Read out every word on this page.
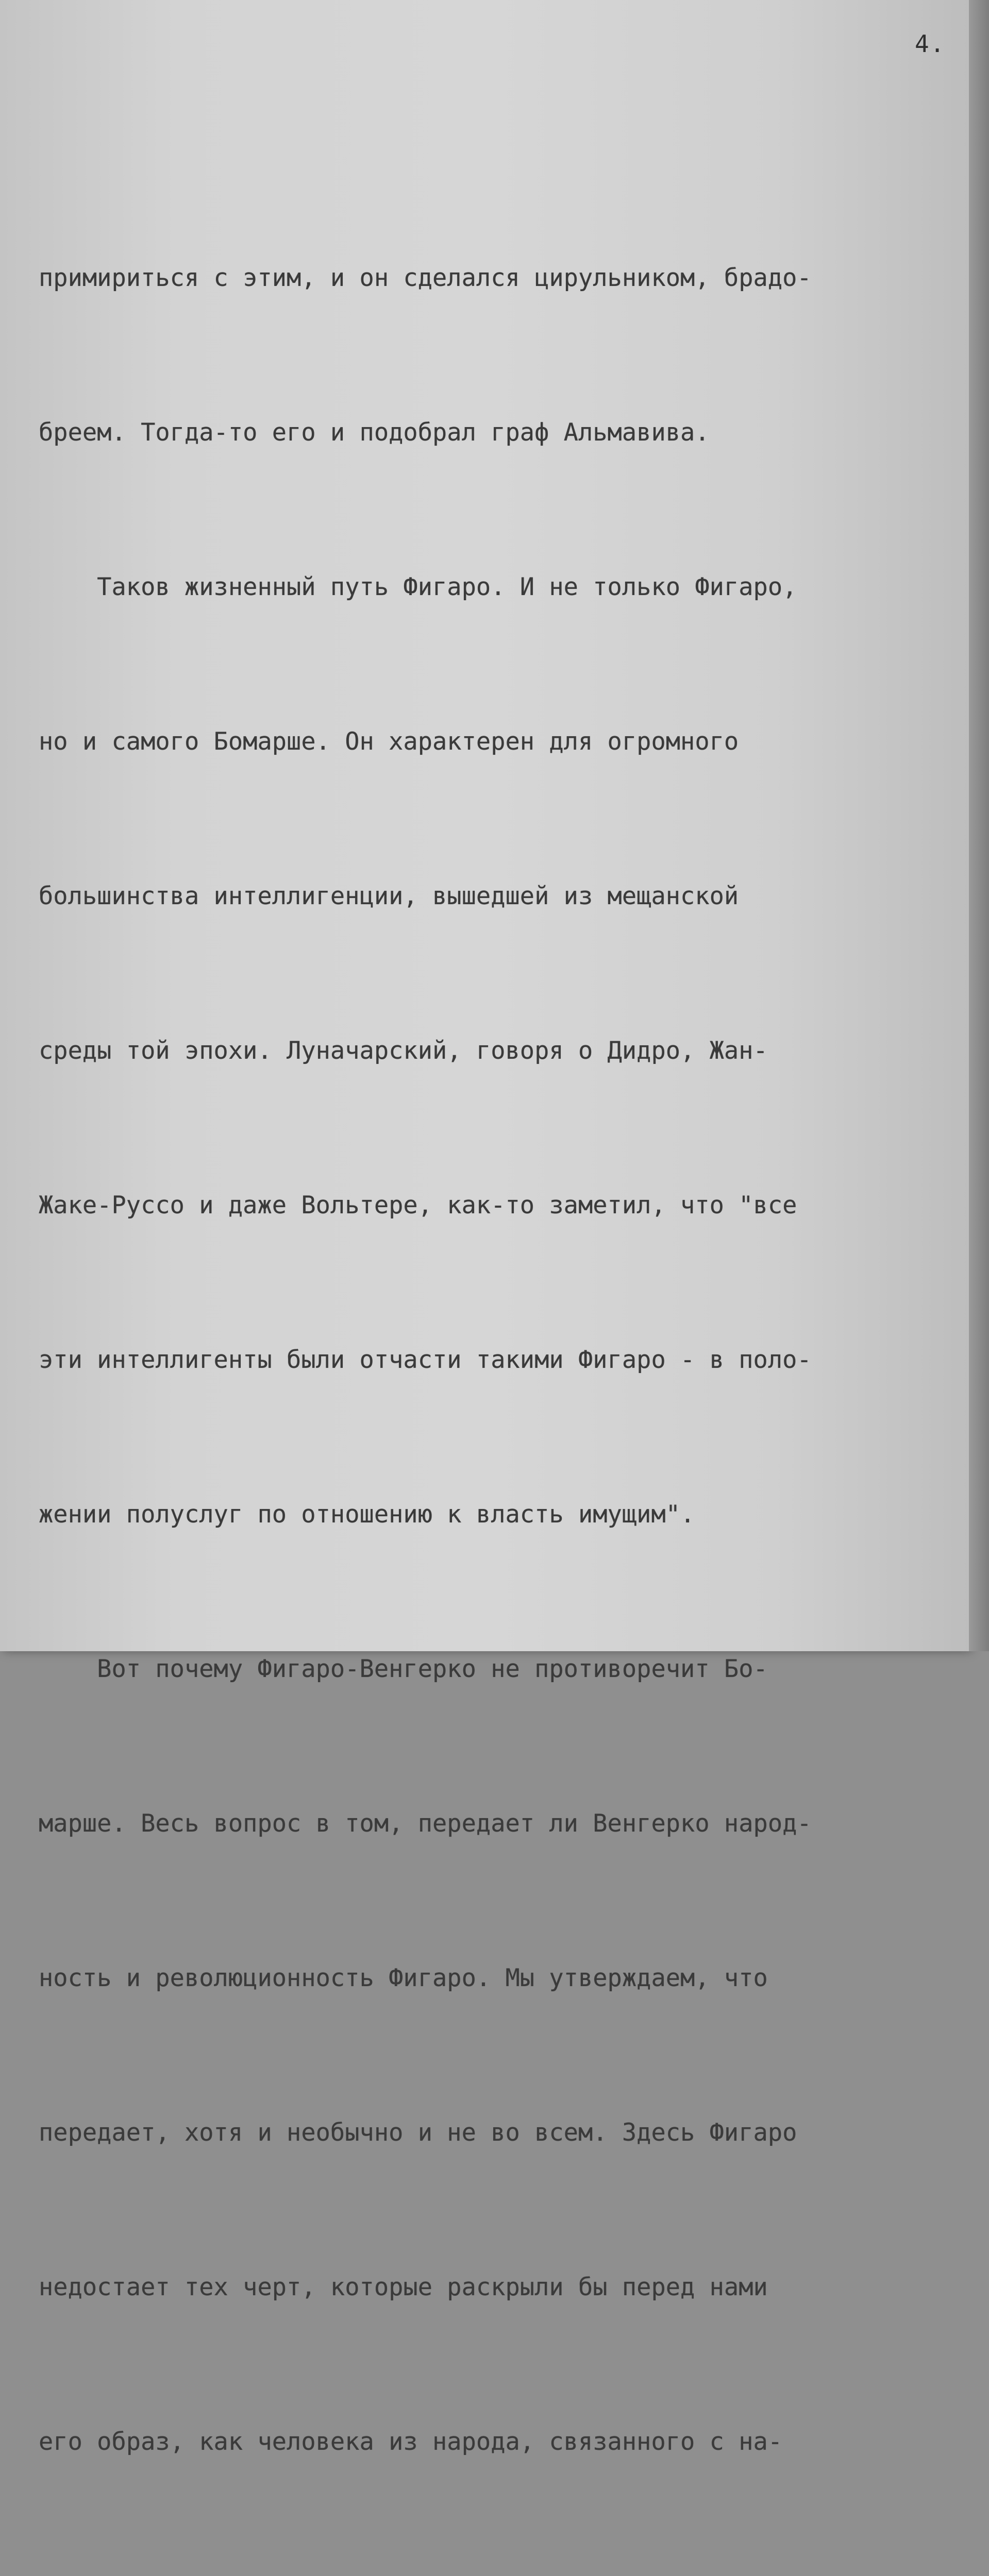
4.

примириться с этим, и он сделался цирульником, брадо-

бреем. Тогда-то его и подобрал граф Альмавива.

Таков жизненный путь Фигаро. И не только Фигаро,

но и самого Бомарше. Он характерен для огромного

большинства интеллигенции, вышедшей из мещанской

среды той эпохи. Луначарский, говоря о Дидро, Жан-

Жаке-Руссо и даже Вольтере, как-то заметил, что "все

эти интеллигенты были отчасти такими Фигаро - в поло-

жении полуслуг по отношению к власть имущим".

Вот почему Фигаро-Венгерко не противоречит Бо-

марше. Весь вопрос в том, передает ли Венгерко народ-

ность и революционность Фигаро. Мы утверждаем, что

передает, хотя и необычно и не во всем. Здесь Фигаро

недостает тех черт, которые раскрыли бы перед нами

его образ, как человека из народа, связанного с на-
